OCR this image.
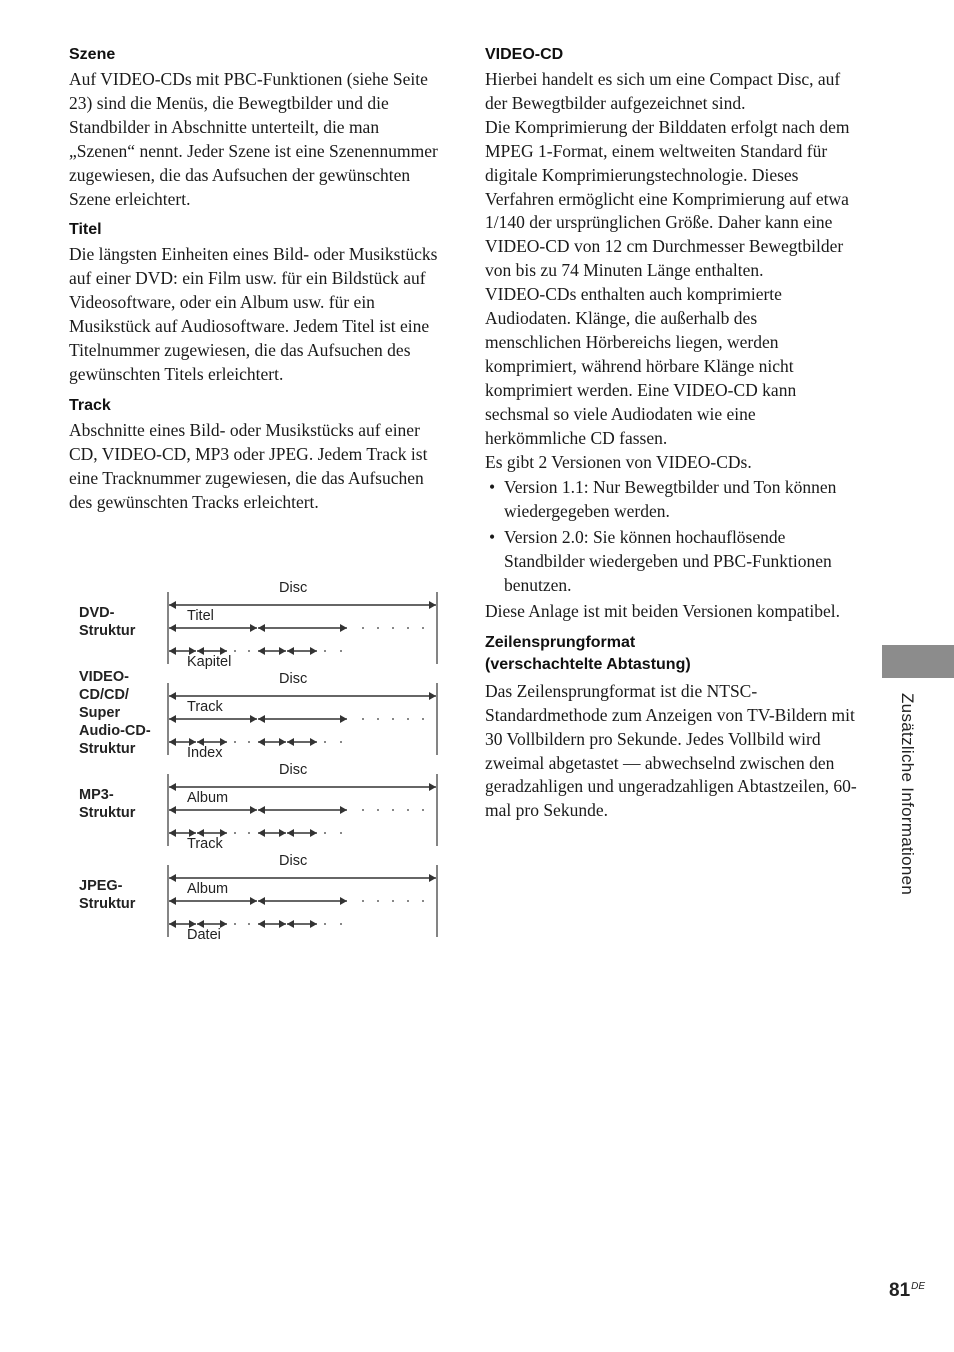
Szene

Auf VIDEO-CDs mit PBC-Funktionen (siehe Seite 23) sind die Menüs, die Bewegtbilder und die Standbilder in Abschnitte unterteilt, die man „Szenen“ nennt. Jeder Szene ist eine Szenennummer zugewiesen, die das Aufsuchen der gewünschten Szene erleichtert.

Titel

Die längsten Einheiten eines Bild- oder Musikstücks auf einer DVD: ein Film usw. für ein Bildstück auf Videosoftware, oder ein Album usw. für ein Musikstück auf Audiosoftware. Jedem Titel ist eine Titelnummer zugewiesen, die das Aufsuchen des gewünschten Titels erleichtert.

Track

Abschnitte eines Bild- oder Musikstücks auf einer CD, VIDEO-CD, MP3 oder JPEG. Jedem Track ist eine Tracknummer zugewiesen, die das Aufsuchen des gewünschten Tracks erleichtert.

DVD-
Struktur
Disc
Titel
Kapitel
VIDEO-
CD/CD/
Super
Audio-CD-
Struktur
Disc
Track
Index
MP3-
Struktur
Disc
Album
Track
JPEG-
Struktur
Disc
Album
Datei
VIDEO-CD

Hierbei handelt es sich um eine Compact Disc, auf der Bewegtbilder aufgezeichnet sind.

Die Komprimierung der Bilddaten erfolgt nach dem MPEG 1-Format, einem weltweiten Standard für digitale Komprimierungstechnologie. Dieses Verfahren ermöglicht eine Komprimierung auf etwa 1/140 der ursprünglichen Größe. Daher kann eine VIDEO-CD von 12 cm Durchmesser Bewegtbilder von bis zu 74 Minuten Länge enthalten.

VIDEO-CDs enthalten auch komprimierte Audiodaten. Klänge, die außerhalb des menschlichen Hörbereichs liegen, werden komprimiert, während hörbare Klänge nicht komprimiert werden. Eine VIDEO-CD kann sechsmal so viele Audiodaten wie eine herkömmliche CD fassen.

Es gibt 2 Versionen von VIDEO-CDs.

• Version 1.1: Nur Bewegtbilder und Ton können wiedergegeben werden.
• Version 2.0: Sie können hochauflösende Standbilder wiedergeben und PBC-Funktionen benutzen.

Diese Anlage ist mit beiden Versionen kompatibel.

Zeilensprungformat
(verschachtelte Abtastung)

Das Zeilensprungformat ist die NTSC-Standardmethode zum Anzeigen von TV-Bildern mit 30 Vollbildern pro Sekunde. Jedes Vollbild wird zweimal abgetastet — abwechselnd zwischen den geradzahligen und ungeradzahligen Abtastzeilen, 60-mal pro Sekunde.	Zusätzliche Informationen
81DE
